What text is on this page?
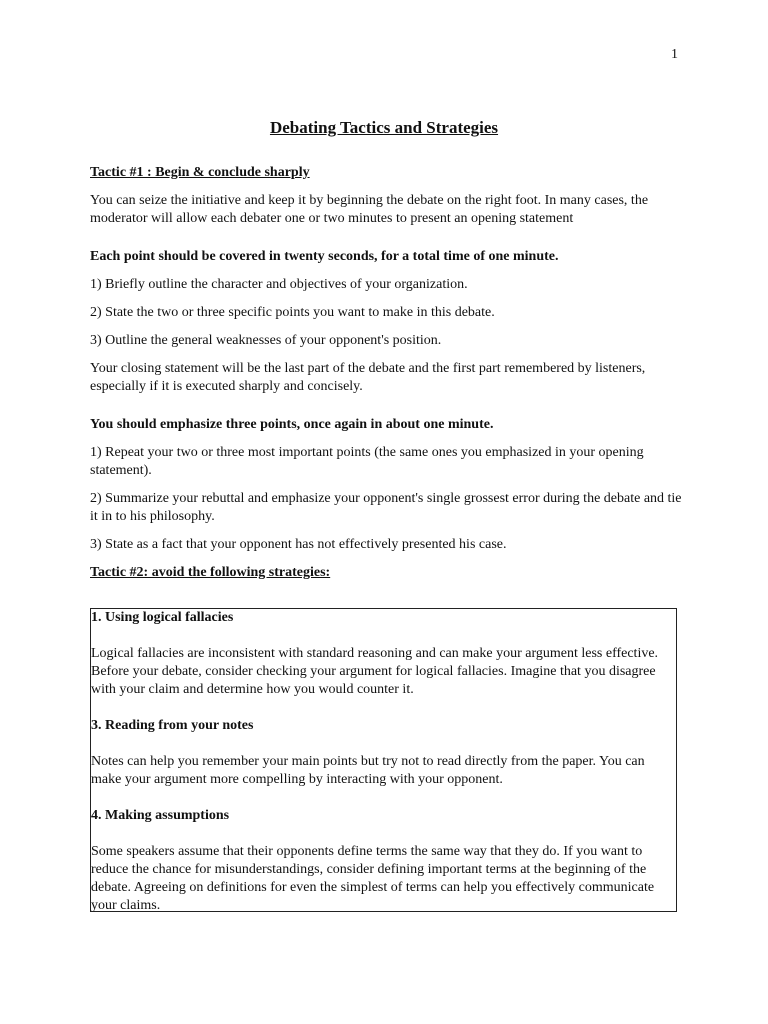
1
Debating Tactics and Strategies

Tactic #1 : Begin & conclude sharply

You can seize the initiative and keep it by beginning the debate on the right foot. In many cases, the moderator will allow each debater one or two minutes to present an opening statement

Each point should be covered in twenty seconds, for a total time of one minute.

1) Briefly outline the character and objectives of your organization.

2) State the two or three specific points you want to make in this debate.

3) Outline the general weaknesses of your opponent's position.

Your closing statement will be the last part of the debate and the first part remembered by listeners, especially if it is executed sharply and concisely.

You should emphasize three points, once again in about one minute.

1) Repeat your two or three most important points (the same ones you emphasized in your opening statement).

2) Summarize your rebuttal and emphasize your opponent's single grossest error during the debate and tie it in to his philosophy.

3) State as a fact that your opponent has not effectively presented his case.

Tactic #2: avoid the following strategies:

1. Using logical fallacies

Logical fallacies are inconsistent with standard reasoning and can make your argument less effective. Before your debate, consider checking your argument for logical fallacies. Imagine that you disagree with your claim and determine how you would counter it.

3. Reading from your notes

Notes can help you remember your main points but try not to read directly from the paper. You can make your argument more compelling by interacting with your opponent.

4. Making assumptions

Some speakers assume that their opponents define terms the same way that they do. If you want to reduce the chance for misunderstandings, consider defining important terms at the beginning of the debate. Agreeing on definitions for even the simplest of terms can help you effectively communicate your claims.
